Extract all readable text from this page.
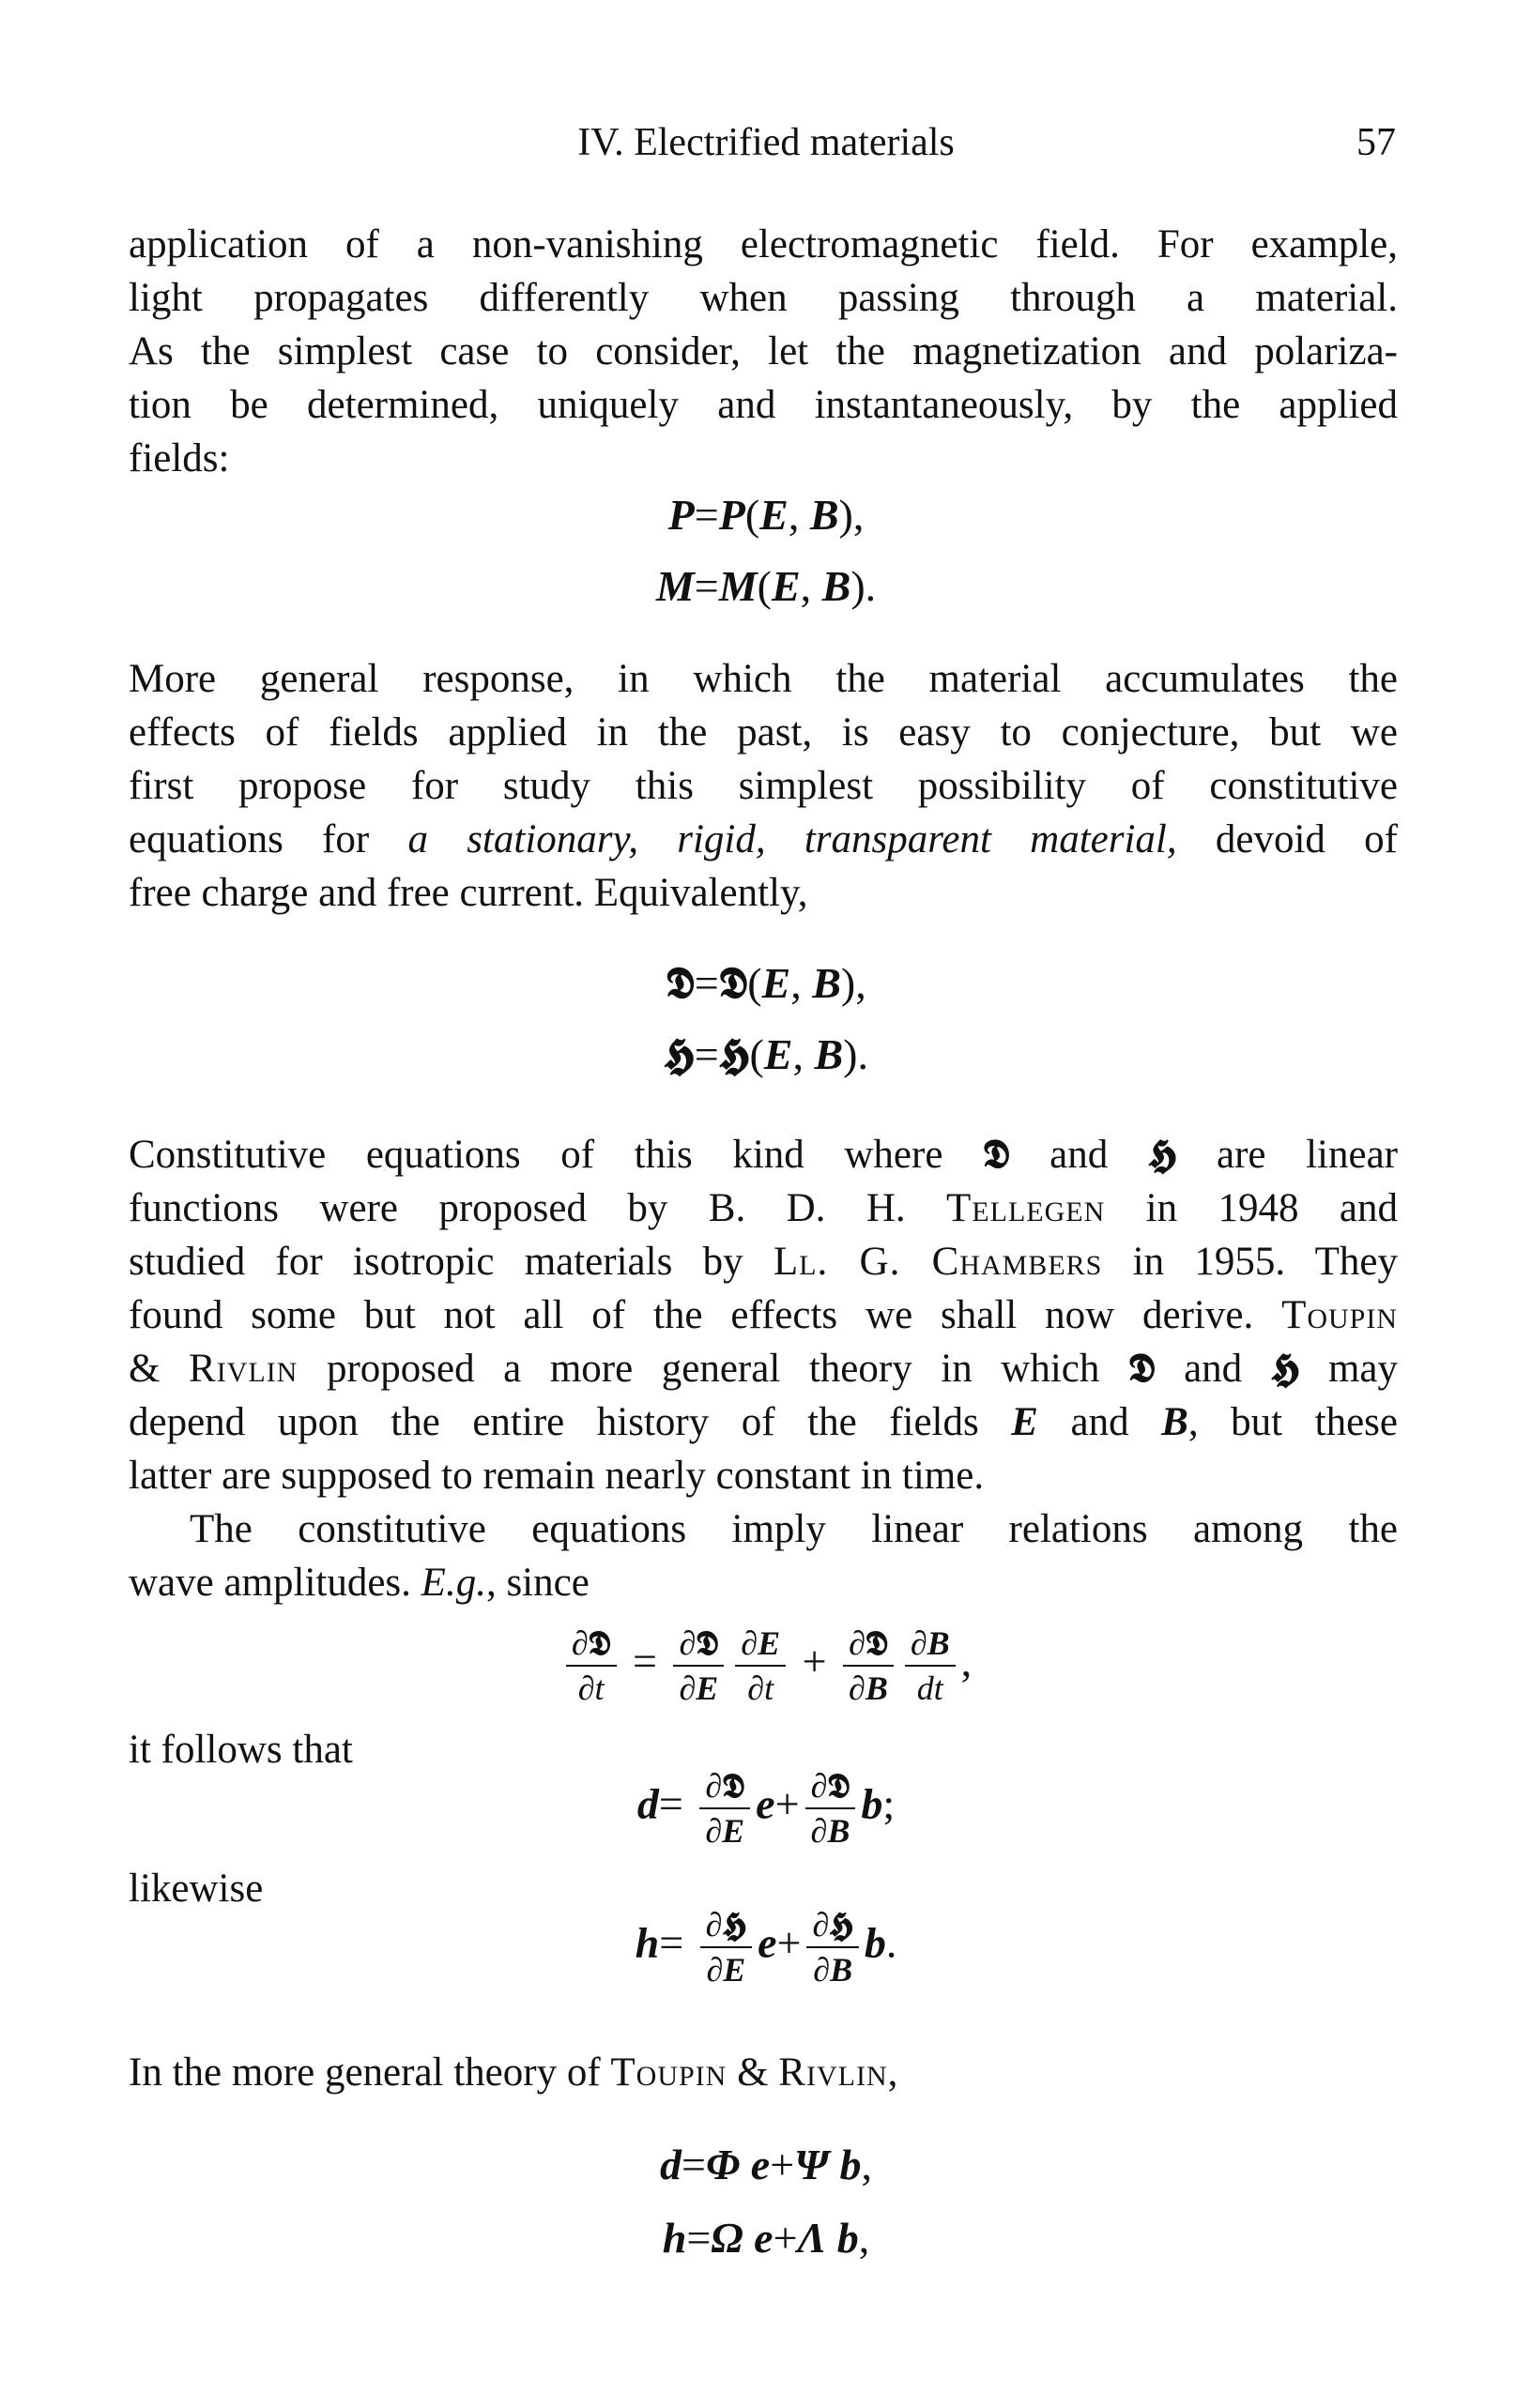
IV. Electrified materials	57

application of a non-vanishing electromagnetic field. For example,
light propagates differently when passing through a material.
As the simplest case to consider, let the magnetization and polariza-
tion be determined, uniquely and instantaneously, by the applied
fields:

P=P(E, B),
M=M(E, B).

More general response, in which the material accumulates the
effects of fields applied in the past, is easy to conjecture, but we
first propose for study this simplest possibility of constitutive
equations for a stationary, rigid, transparent material, devoid of
free charge and free current. Equivalently,

𝕯=𝕯(E, B),
𝕳=𝕳(E, B).

Constitutive equations of this kind where 𝕯 and 𝕳 are linear
functions were proposed by B. D. H. Tellegen in 1948 and
studied for isotropic materials by Ll. G. Chambers in 1955. They
found some but not all of the effects we shall now derive. Toupin
& Rivlin proposed a more general theory in which 𝕯 and 𝕳 may
depend upon the entire history of the fields E and B, but these
latter are supposed to remain nearly constant in time.

The constitutive equations imply linear relations among the
wave amplitudes. E.g., since

$\frac{\text{∂𝕯}}{\partial t} = \frac{\text{∂𝕯}}{\partial E} \frac{\partial E}{\partial t} + \frac{\text{∂𝕯}}{\partial B} \frac{\partial B}{dt}$ ,
it follows that
$d= \frac{\text{∂𝕯}}{\partial E} e+ \frac{\text{∂𝕯}}{\partial B} b$;
likewise
$h= \frac{\text{∂𝕳}}{\partial E} e+ \frac{\text{∂𝕳}}{\partial B} b$.

In the more general theory of Toupin & Rivlin,

d=Φ e+Ψ b,
h=Ω e+Λ b,
